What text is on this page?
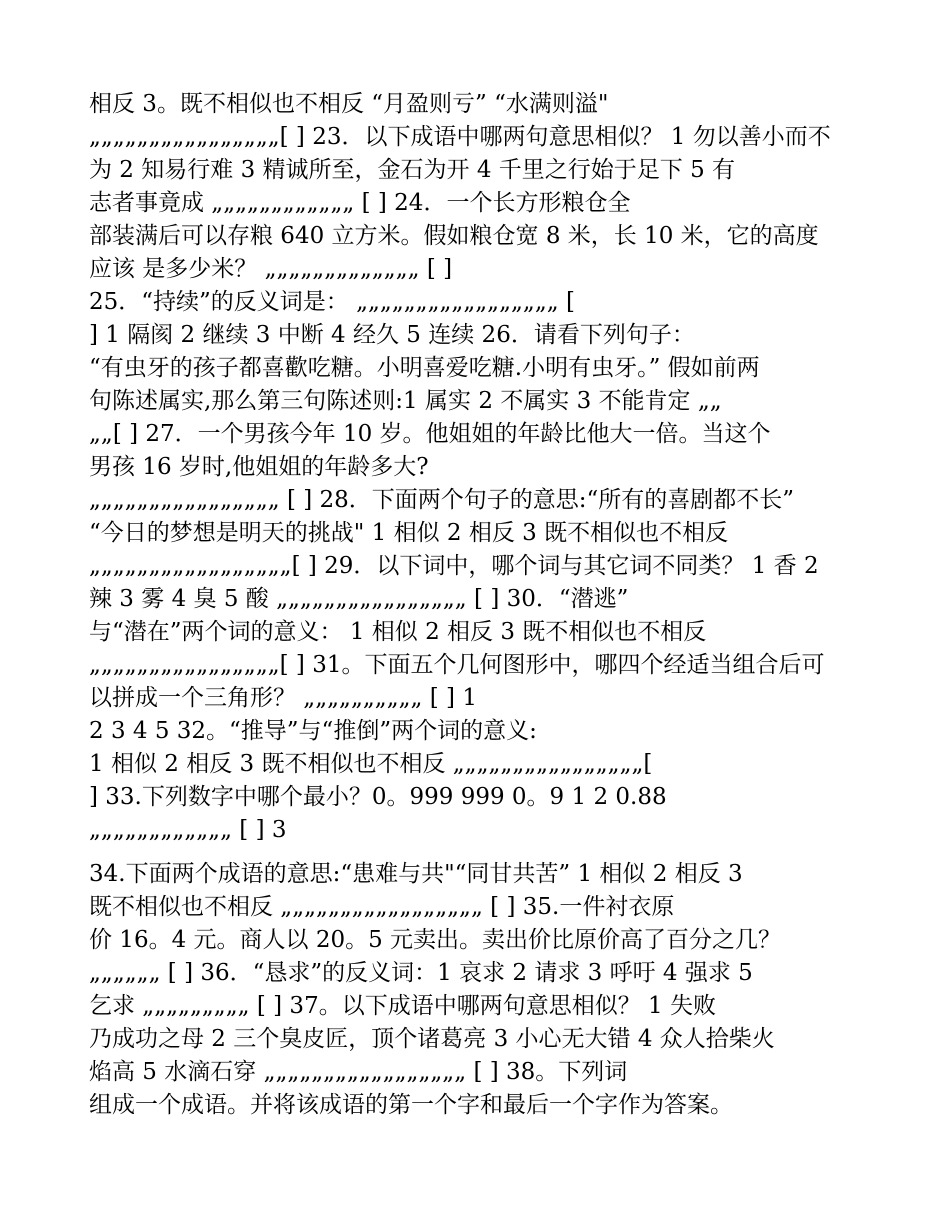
相反 3。既不相似也不相反 “月盈则亏” “水满则溢"
„„„„„„„„„„„„„„„„[ ] 23．以下成语中哪两句意思相似？ 1 勿以善小而不
为 2 知易行难 3 精诚所至，金石为开 4 千里之行始于足下 5 有
志者事竟成 „„„„„„„„„„„„ [ ] 24．一个长方形粮仓全
部装满后可以存粮 640 立方米。假如粮仓宽 8 米，长 10 米，它的高度
应该 是多少米？ „„„„„„„„„„„„„ [ ]
25．“持续”的反义词是： „„„„„„„„„„„„„„„„„ [
] 1 隔阂 2 继续 3 中断 4 经久 5 连续 26．请看下列句子：
“有虫牙的孩子都喜歡吃糖。小明喜爱吃糖.小明有虫牙。” 假如前两
句陈述属实,那么第三句陈述则:1 属实 2 不属实 3 不能肯定 „„
„„[ ] 27．一个男孩今年 10 岁。他姐姐的年龄比他大一倍。当这个
男孩 16 岁时,他姐姐的年龄多大?
„„„„„„„„„„„„„„„„ [ ] 28．下面两个句子的意思:“所有的喜剧都不长”
“今日的梦想是明天的挑战" 1 相似 2 相反 3 既不相似也不相反
„„„„„„„„„„„„„„„„„[ ] 29．以下词中，哪个词与其它词不同类？ 1 香 2
辣 3 雾 4 臭 5 酸 „„„„„„„„„„„„„„„„ [ ] 30．“潜逃”
与“潜在”两个词的意义： 1 相似 2 相反 3 既不相似也不相反
„„„„„„„„„„„„„„„„[ ] 31。下面五个几何图形中，哪四个经适当组合后可
以拼成一个三角形？ „„„„„„„„„„ [ ] 1
2 3 4 5 32。“推导”与“推倒”两个词的意义:
1 相似 2 相反 3 既不相似也不相反 „„„„„„„„„„„„„„„„[
] 33.下列数字中哪个最小？0。999 999 0。9 1 2 0.88
„„„„„„„„„„„„ [ ] 3
34.下面两个成语的意思:“患难与共"“同甘共苦” 1 相似 2 相反 3
既不相似也不相反 „„„„„„„„„„„„„„„„„ [ ] 35.一件衬衣原
价 16。4 元。商人以 20。5 元卖出。卖出价比原价高了百分之几？
„„„„„„ [ ] 36．“恳求”的反义词：1 哀求 2 请求 3 呼吁 4 强求 5
乞求 „„„„„„„„„ [ ] 37。以下成语中哪两句意思相似？ 1 失败
乃成功之母 2 三个臭皮匠，顶个诸葛亮 3 小心无大错 4 众人拾柴火
焰高 5 水滴石穿 „„„„„„„„„„„„„„„„„ [ ] 38。下列词
组成一个成语。并将该成语的第一个字和最后一个字作为答案。
